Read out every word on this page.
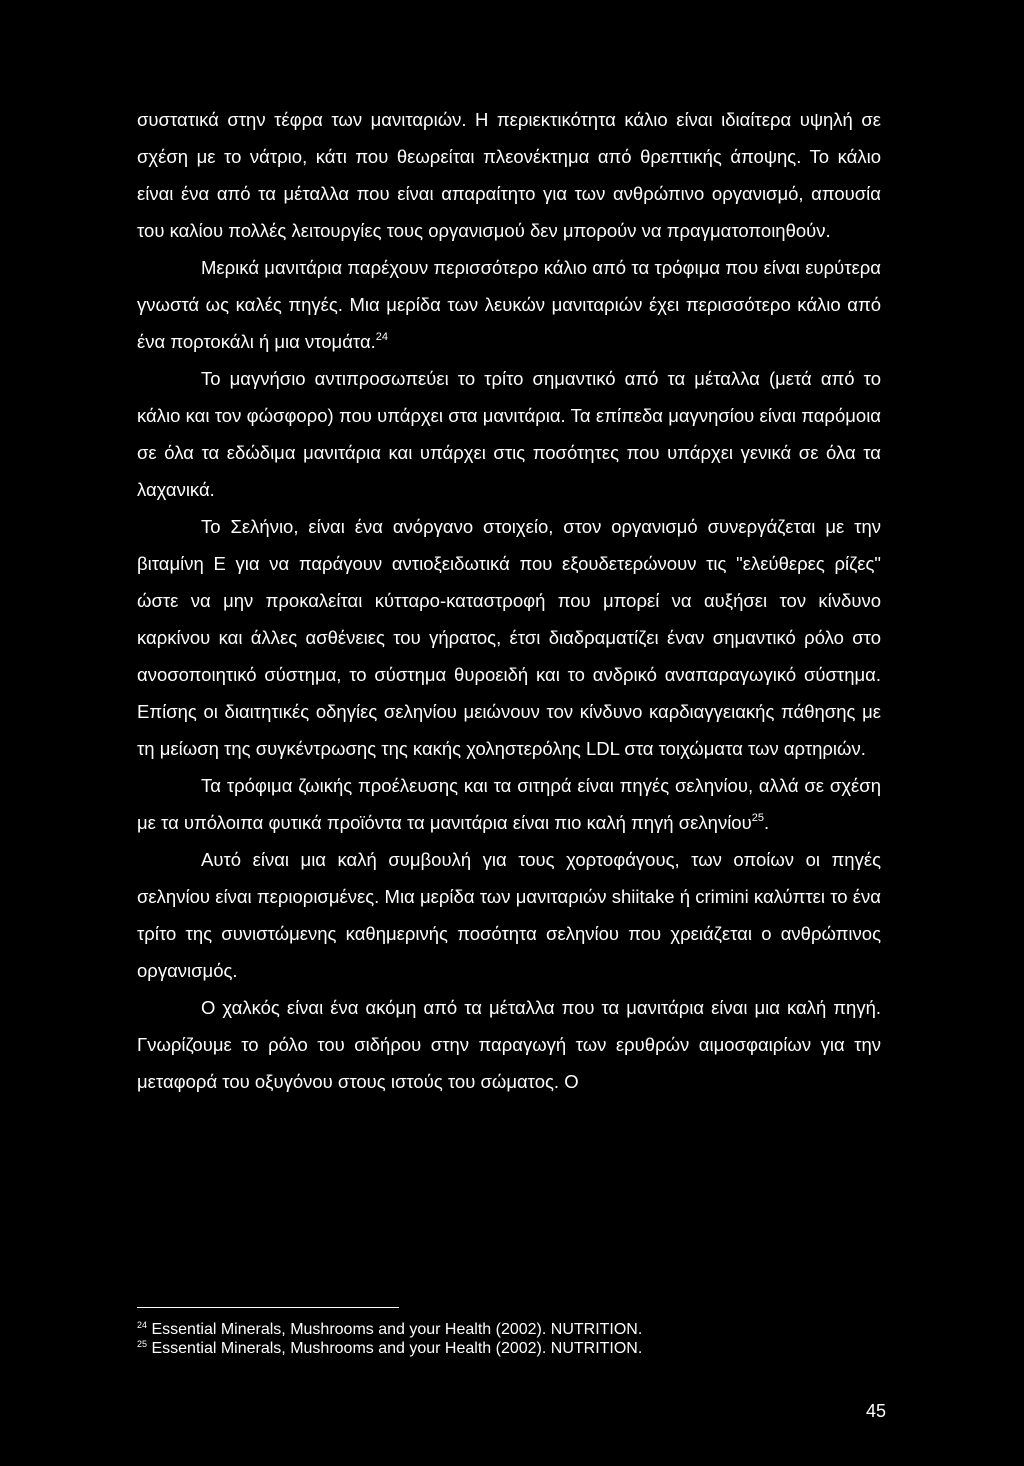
συστατικά στην τέφρα των μανιταριών. Η περιεκτικότητα κάλιο είναι ιδιαίτερα υψηλή σε σχέση με το νάτριο, κάτι που θεωρείται πλεονέκτημα από θρεπτικής άποψης. Το κάλιο είναι ένα από τα μέταλλα που είναι απαραίτητο για των ανθρώπινο οργανισμό, απουσία του καλίου πολλές λειτουργίες τους οργανισμού δεν μπορούν να πραγματοποιηθούν.

Μερικά μανιτάρια παρέχουν περισσότερο κάλιο από τα τρόφιμα που είναι ευρύτερα γνωστά ως καλές πηγές. Μια μερίδα των λευκών μανιταριών έχει περισσότερο κάλιο από ένα πορτοκάλι ή μια ντομάτα.$^{24}$

Το μαγνήσιο αντιπροσωπεύει το τρίτο σημαντικό από τα μέταλλα (μετά από το κάλιο και τον φώσφορο) που υπάρχει στα μανιτάρια. Τα επίπεδα μαγνησίου είναι παρόμοια σε όλα τα εδώδιμα μανιτάρια και υπάρχει στις ποσότητες που υπάρχει γενικά σε όλα τα λαχανικά.

Το Σελήνιο, είναι ένα ανόργανο στοιχείο, στον οργανισμό συνεργάζεται με την βιταμίνη Ε για να παράγουν αντιοξειδωτικά που εξουδετερώνουν τις "ελεύθερες ρίζες" ώστε να μην προκαλείται κύτταρο-καταστροφή που μπορεί να αυξήσει τον κίνδυνο καρκίνου και άλλες ασθένειες του γήρατος, έτσι διαδραματίζει έναν σημαντικό ρόλο στο ανοσοποιητικό σύστημα, το σύστημα θυροειδή και το ανδρικό αναπαραγωγικό σύστημα. Επίσης οι διαιτητικές οδηγίες σεληνίου μειώνουν τον κίνδυνο καρδιαγγειακής πάθησης με τη μείωση της συγκέντρωσης της κακής χοληστερόλης LDL στα τοιχώματα των αρτηριών.

Τα τρόφιμα ζωικής προέλευσης και τα σιτηρά είναι πηγές σεληνίου, αλλά σε σχέση με τα υπόλοιπα φυτικά προϊόντα τα μανιτάρια είναι πιο καλή πηγή σεληνίου$^{25}$.

Αυτό είναι μια καλή συμβουλή για τους χορτοφάγους, των οποίων οι πηγές σεληνίου είναι περιορισμένες. Μια μερίδα των μανιταριών shiitake ή crimini καλύπτει το ένα τρίτο της συνιστώμενης καθημερινής ποσότητα σεληνίου που χρειάζεται ο ανθρώπινος οργανισμός.

Ο χαλκός είναι ένα ακόμη από τα μέταλλα που τα μανιτάρια είναι μια καλή πηγή. Γνωρίζουμε το ρόλο του σιδήρου στην παραγωγή των ερυθρών αιμοσφαιρίων για την μεταφορά του οξυγόνου στους ιστούς του σώματος. Ο

$^{24}$ Essential Minerals, Mushrooms and your Health (2002). NUTRITION.

$^{25}$ Essential Minerals, Mushrooms and your Health (2002). NUTRITION.

45
